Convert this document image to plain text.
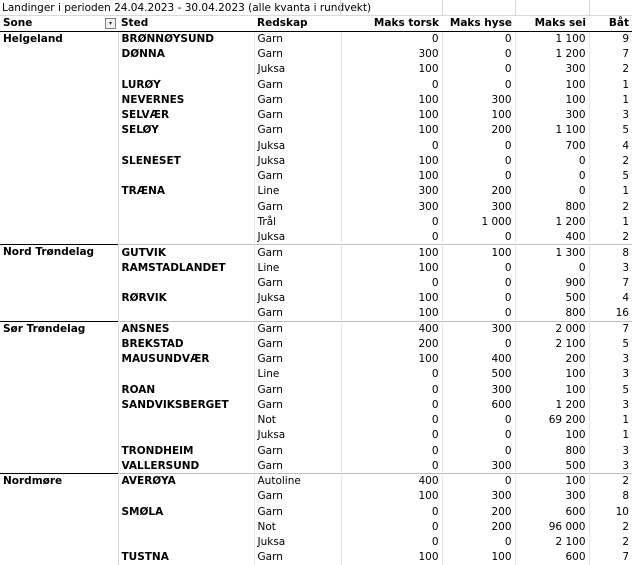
Landinger i perioden 24.04.2023 - 30.04.2023 (alle kvanta i rundvekt)
Sone ▾	Sted	Redskap	Maks torsk	Maks hyse	Maks sei	Båt
Helgeland	BRØNNØYSUND	Garn	0	0	1 100	9
	DØNNA	Garn	300	0	1 200	7
		Juksa	100	0	300	2
	LURØY	Garn	0	0	100	1
	NEVERNES	Garn	100	300	100	1
	SELVÆR	Garn	100	100	300	3
	SELØY	Garn	100	200	1 100	5
		Juksa	0	0	700	4
	SLENESET	Juksa	100	0	0	2
		Garn	100	0	0	5
	TRÆNA	Line	300	200	0	1
		Garn	300	300	800	2
		Trål	0	1 000	1 200	1
		Juksa	0	0	400	2
Nord Trøndelag	GUTVIK	Garn	100	100	1 300	8
	RAMSTADLANDET	Line	100	0	0	3
		Garn	0	0	900	7
	RØRVIK	Juksa	100	0	500	4
		Garn	100	0	800	16
Sør Trøndelag	ANSNES	Garn	400	300	2 000	7
	BREKSTAD	Garn	200	0	2 100	5
	MAUSUNDVÆR	Garn	100	400	200	3
		Line	0	500	100	3
	ROAN	Garn	0	300	100	5
	SANDVIKSBERGET	Garn	0	600	1 200	3
		Not	0	0	69 200	1
		Juksa	0	0	100	1
	TRONDHEIM	Garn	0	0	800	3
	VALLERSUND	Garn	0	300	500	3
Nordmøre	AVERØYA	Autoline	400	0	100	2
		Garn	100	300	300	8
	SMØLA	Garn	0	200	600	10
		Not	0	200	96 000	2
		Juksa	0	0	2 100	2
	TUSTNA	Garn	100	100	600	7
